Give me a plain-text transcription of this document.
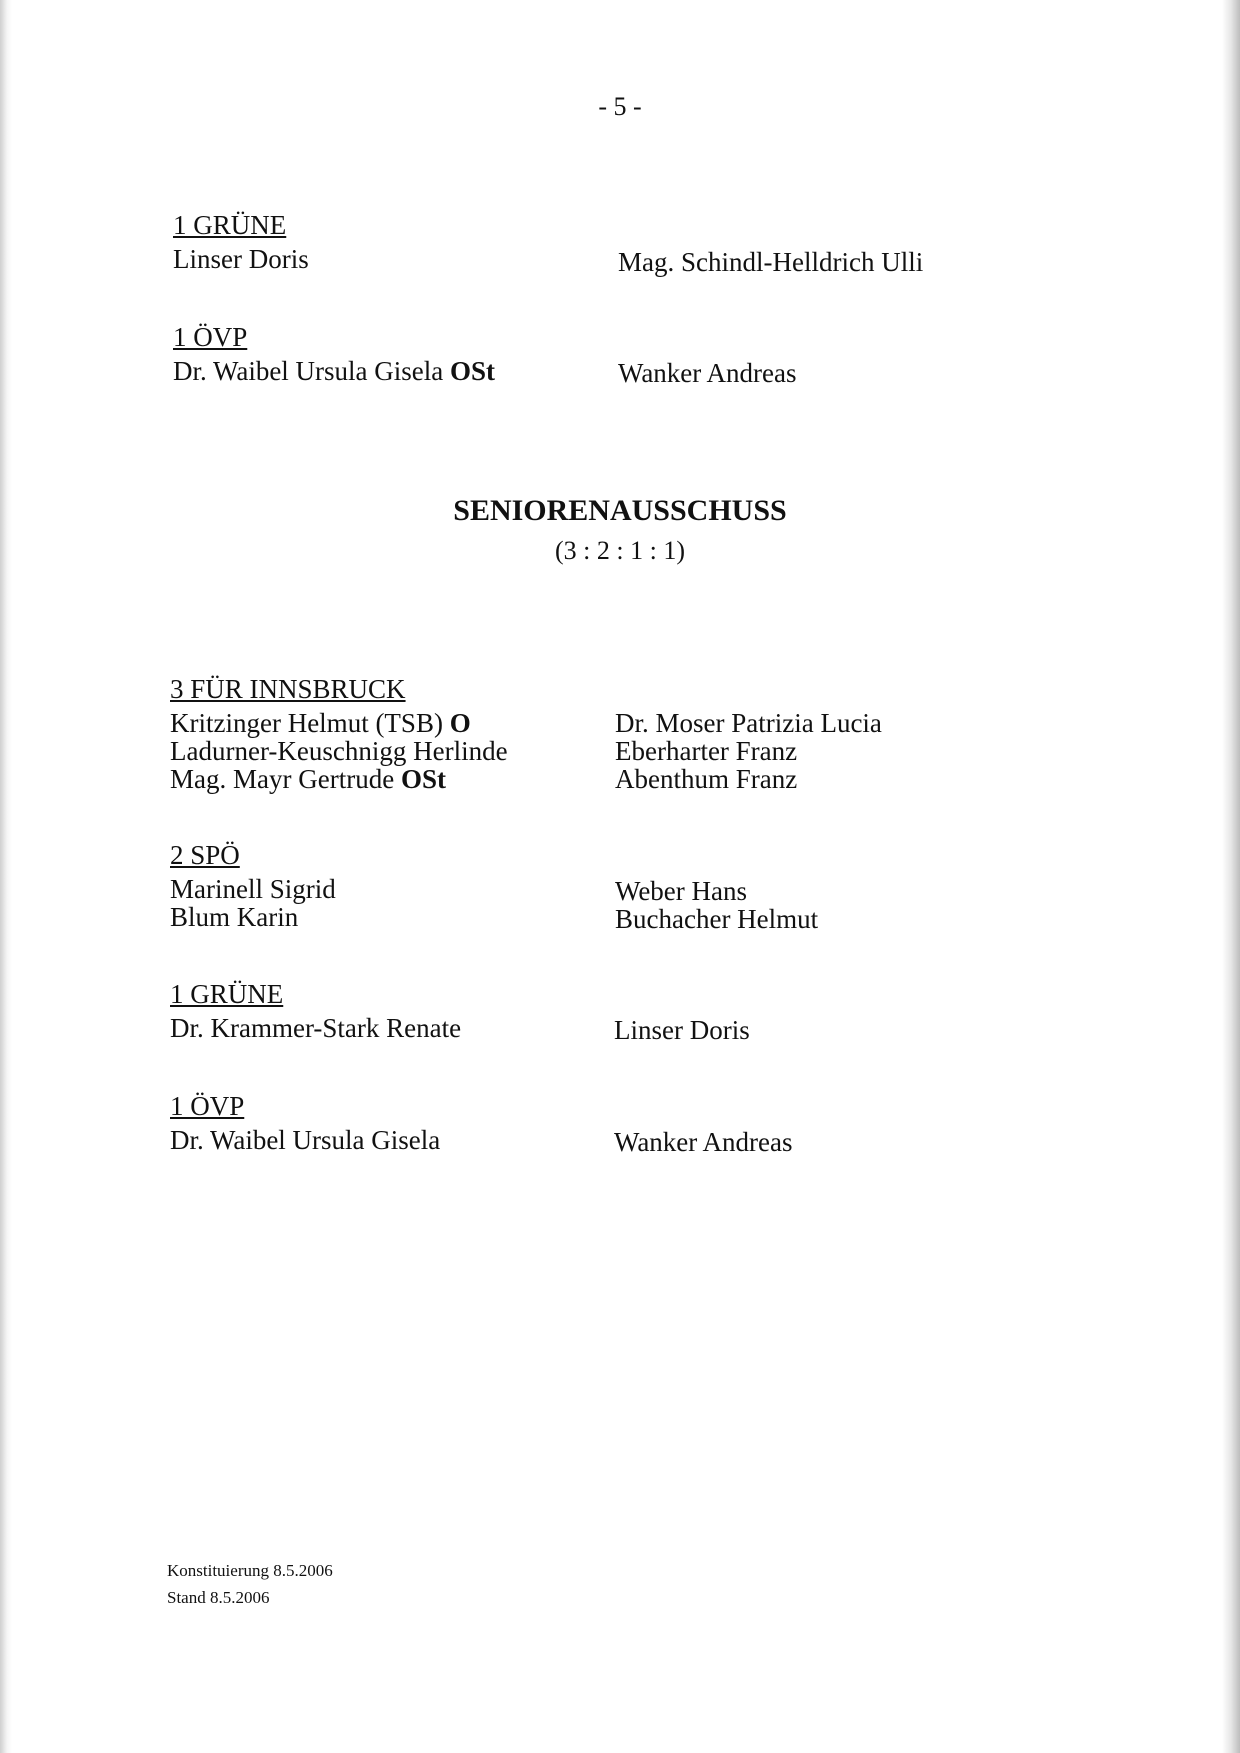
- 5 -
1 GRÜNE
Linser Doris	Mag. Schindl-Helldrich Ulli
1 ÖVP
Dr. Waibel Ursula Gisela OSt	Wanker Andreas
SENIORENAUSSCHUSS
(3 : 2 : 1 : 1)
3 FÜR INNSBRUCK
Kritzinger Helmut (TSB) O	Dr. Moser Patrizia Lucia
Ladurner-Keuschnigg Herlinde	Eberharter Franz
Mag. Mayr Gertrude OSt	Abenthum Franz
2 SPÖ
Marinell Sigrid	Weber Hans
Blum Karin	Buchacher Helmut
1 GRÜNE
Dr. Krammer-Stark Renate	Linser Doris
1 ÖVP
Dr. Waibel Ursula Gisela	Wanker Andreas
Konstituierung 8.5.2006
Stand 8.5.2006
